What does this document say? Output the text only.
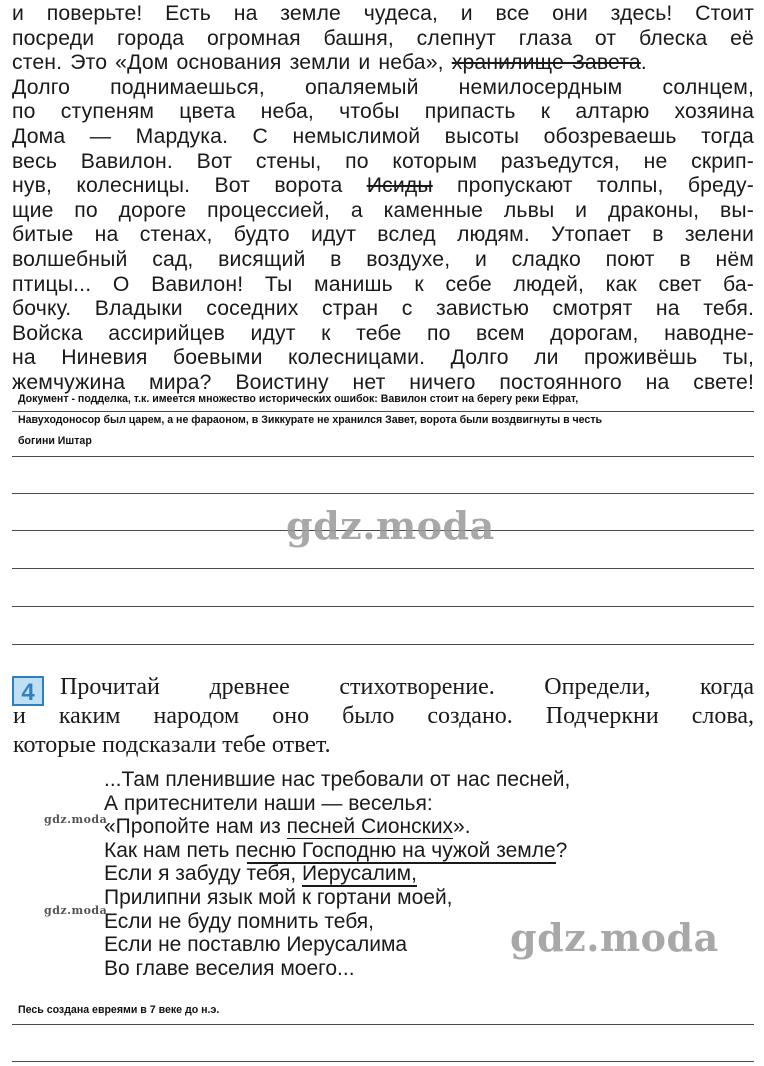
и поверьте! Есть на земле чудеса, и все они здесь! Стоит
посреди города огромная башня, слепнут глаза от блеска её
стен. Это «Дом основания земли и неба», хранилище Завета.
Долго поднимаешься, опаляемый немилосердным солнцем,
по ступеням цвета неба, чтобы припасть к алтарю хозяина
Дома — Мардука. С немыслимой высоты обозреваешь тогда
весь Вавилон. Вот стены, по которым разъедутся, не скрип-
нув, колесницы. Вот ворота Исиды пропускают толпы, бреду-
щие по дороге процессией, а каменные львы и драконы, вы-
битые на стенах, будто идут вслед людям. Утопает в зелени
волшебный сад, висящий в воздухе, и сладко поют в нём
птицы... О Вавилон! Ты манишь к себе людей, как свет ба-
бочку. Владыки соседних стран с завистью смотрят на тебя.
Войска ассирийцев идут к тебе по всем дорогам, наводне-
на Ниневия боевыми колесницами. Долго ли проживёшь ты,
жемчужина мира? Воистину нет ничего постоянного на свете!
Документ - подделка, т.к. имеется множество исторических ошибок: Вавилон стоит на берегу реки Ефрат,
Навуходоносор был царем, а не фараоном, в Зиккурате не хранился Завет, ворота были воздвигнуты в честь
богини Иштар
gdz.moda
4 Прочитай древнее стихотворение. Определи, когда
и каким народом оно было создано. Подчеркни слова,
которые подсказали тебе ответ.
...Там пленившие нас требовали от нас песней,
А притеснители наши — веселья:
«Пропойте нам из песней Сионских».
Как нам петь песню Господню на чужой земле?
Если я забуду тебя, Иерусалим,
Прилипни язык мой к гортани моей,
Если не буду помнить тебя,
Если не поставлю Иерусалима
Во главе веселия моего...
gdz.moda
gdz.moda
gdz.moda
Песь создана евреями в 7 веке до н.э.
